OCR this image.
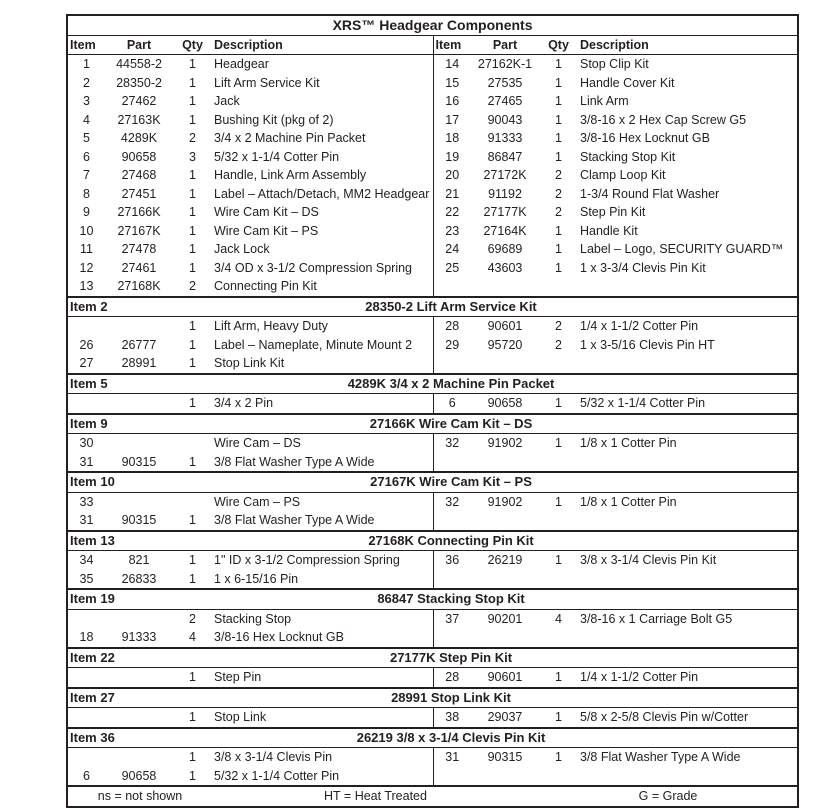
XRS™ Headgear Components							
Item	Part	Qty	Description	Item	Part	Qty	Description
1	44558-2	1	Headgear	14	27162K-1	1	Stop Clip Kit
2	28350-2	1	Lift Arm Service Kit	15	27535	1	Handle Cover Kit
3	27462	1	Jack	16	27465	1	Link Arm
4	27163K	1	Bushing Kit (pkg of 2)	17	90043	1	3/8-16 x 2 Hex Cap Screw G5
5	4289K	2	3/4 x 2 Machine Pin Packet	18	91333	1	3/8-16 Hex Locknut GB
6	90658	3	5/32 x 1-1/4 Cotter Pin	19	86847	1	Stacking Stop Kit
7	27468	1	Handle, Link Arm Assembly	20	27172K	2	Clamp Loop Kit
8	27451	1	Label – Attach/Detach, MM2 Headgear	21	91192	2	1-3/4 Round Flat Washer
9	27166K	1	Wire Cam Kit – DS	22	27177K	2	Step Pin Kit
10	27167K	1	Wire Cam Kit – PS	23	27164K	1	Handle Kit
11	27478	1	Jack Lock	24	69689	1	Label – Logo, SECURITY GUARD™
12	27461	1	3/4 OD x 3-1/2 Compression Spring	25	43603	1	1 x 3-3/4 Clevis Pin Kit
13	27168K	2	Connecting Pin Kit				
Item 2	28350-2 Lift Arm Service Kit						
		1	Lift Arm, Heavy Duty	28	90601	2	1/4 x 1-1/2 Cotter Pin
26	26777	1	Label – Nameplate, Minute Mount 2	29	95720	2	1 x 3-5/16 Clevis Pin HT
27	28991	1	Stop Link Kit				
Item 5	4289K 3/4 x 2 Machine Pin Packet						
		1	3/4 x 2 Pin	6	90658	1	5/32 x 1-1/4 Cotter Pin
Item 9	27166K Wire Cam Kit – DS						
30			Wire Cam – DS	32	91902	1	1/8 x 1 Cotter Pin
31	90315	1	3/8 Flat Washer Type A Wide				
Item 10	27167K Wire Cam Kit – PS						
33			Wire Cam – PS	32	91902	1	1/8 x 1 Cotter Pin
31	90315	1	3/8 Flat Washer Type A Wide				
Item 13	27168K Connecting Pin Kit						
34	821	1	1" ID x 3-1/2 Compression Spring	36	26219	1	3/8 x 3-1/4 Clevis Pin Kit
35	26833	1	1 x 6-15/16 Pin				
Item 19	86847 Stacking Stop Kit						
		2	Stacking Stop	37	90201	4	3/8-16 x 1 Carriage Bolt G5
18	91333	4	3/8-16 Hex Locknut GB				
Item 22	27177K Step Pin Kit						
		1	Step Pin	28	90601	1	1/4 x 1-1/2 Cotter Pin
Item 27	28991 Stop Link Kit						
		1	Stop Link	38	29037	1	5/8 x 2-5/8 Clevis Pin w/Cotter
Item 36	26219 3/8 x 3-1/4 Clevis Pin Kit						
		1	3/8 x 3-1/4 Clevis Pin	31	90315	1	3/8 Flat Washer Type A Wide
6	90658	1	5/32 x 1-1/4 Cotter Pin				
ns = not shown			HT = Heat Treated			G = Grade	
